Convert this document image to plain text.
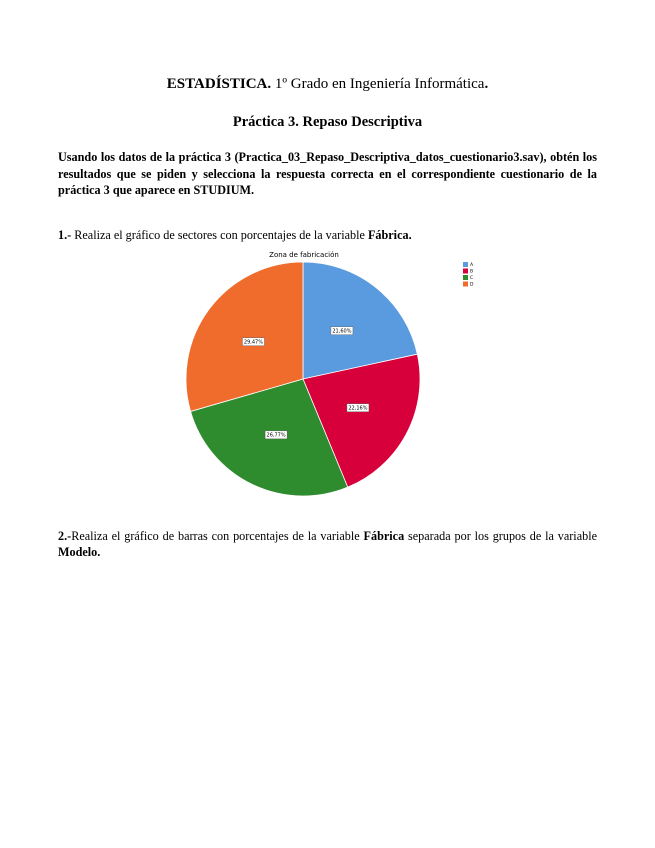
ESTADÍSTICA. 1º Grado en Ingeniería Informática.
Práctica 3. Repaso Descriptiva
Usando los datos de la práctica 3 (Practica_03_Repaso_Descriptiva_datos_cuestionario3.sav), obtén los resultados que se piden y selecciona la respuesta correcta en el correspondiente cuestionario de la práctica 3 que aparece en STUDIUM.
1.- Realiza el gráfico de sectores con porcentajes de la variable Fábrica.
Zona de fabricación
21,60%
22,16%
26,77%
29,47%
A
B
C
D
2.-Realiza el gráfico de barras con porcentajes de la variable Fábrica separada por los grupos de la variable Modelo.
